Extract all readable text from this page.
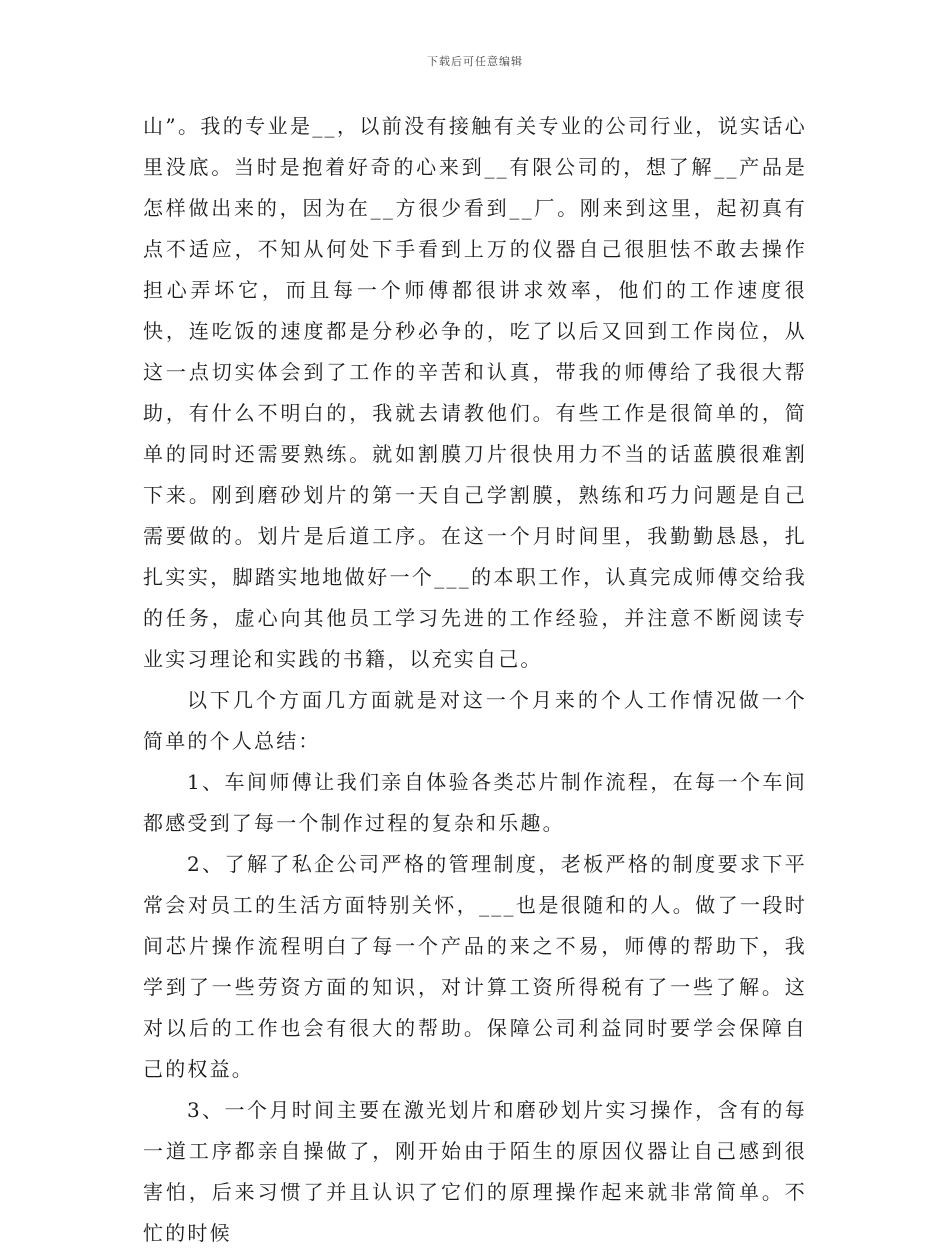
下载后可任意编辑

山”。我的专业是__，以前没有接触有关专业的公司行业，说实话心里没底。当时是抱着好奇的心来到__有限公司的，想了解__产品是怎样做出来的，因为在__方很少看到__厂。刚来到这里，起初真有点不适应，不知从何处下手看到上万的仪器自己很胆怯不敢去操作担心弄坏它，而且每一个师傅都很讲求效率，他们的工作速度很快，连吃饭的速度都是分秒必争的，吃了以后又回到工作岗位，从这一点切实体会到了工作的辛苦和认真，带我的师傅给了我很大帮助，有什么不明白的，我就去请教他们。有些工作是很简单的，简单的同时还需要熟练。就如割膜刀片很快用力不当的话蓝膜很难割下来。刚到磨砂划片的第一天自己学割膜，熟练和巧力问题是自己需要做的。划片是后道工序。在这一个月时间里，我勤勤恳恳，扎扎实实，脚踏实地地做好一个___的本职工作，认真完成师傅交给我的任务，虚心向其他员工学习先进的工作经验，并注意不断阅读专业实习理论和实践的书籍，以充实自己。

以下几个方面几方面就是对这一个月来的个人工作情况做一个简单的个人总结：

1、车间师傅让我们亲自体验各类芯片制作流程，在每一个车间都感受到了每一个制作过程的复杂和乐趣。

2、了解了私企公司严格的管理制度，老板严格的制度要求下平常会对员工的生活方面特别关怀，___也是很随和的人。做了一段时间芯片操作流程明白了每一个产品的来之不易，师傅的帮助下，我学到了一些劳资方面的知识，对计算工资所得税有了一些了解。这对以后的工作也会有很大的帮助。保障公司利益同时要学会保障自己的权益。

3、一个月时间主要在激光划片和磨砂划片实习操作，含有的每一道工序都亲自操做了，刚开始由于陌生的原因仪器让自己感到很害怕，后来习惯了并且认识了它们的原理操作起来就非常简单。不忙的时候
